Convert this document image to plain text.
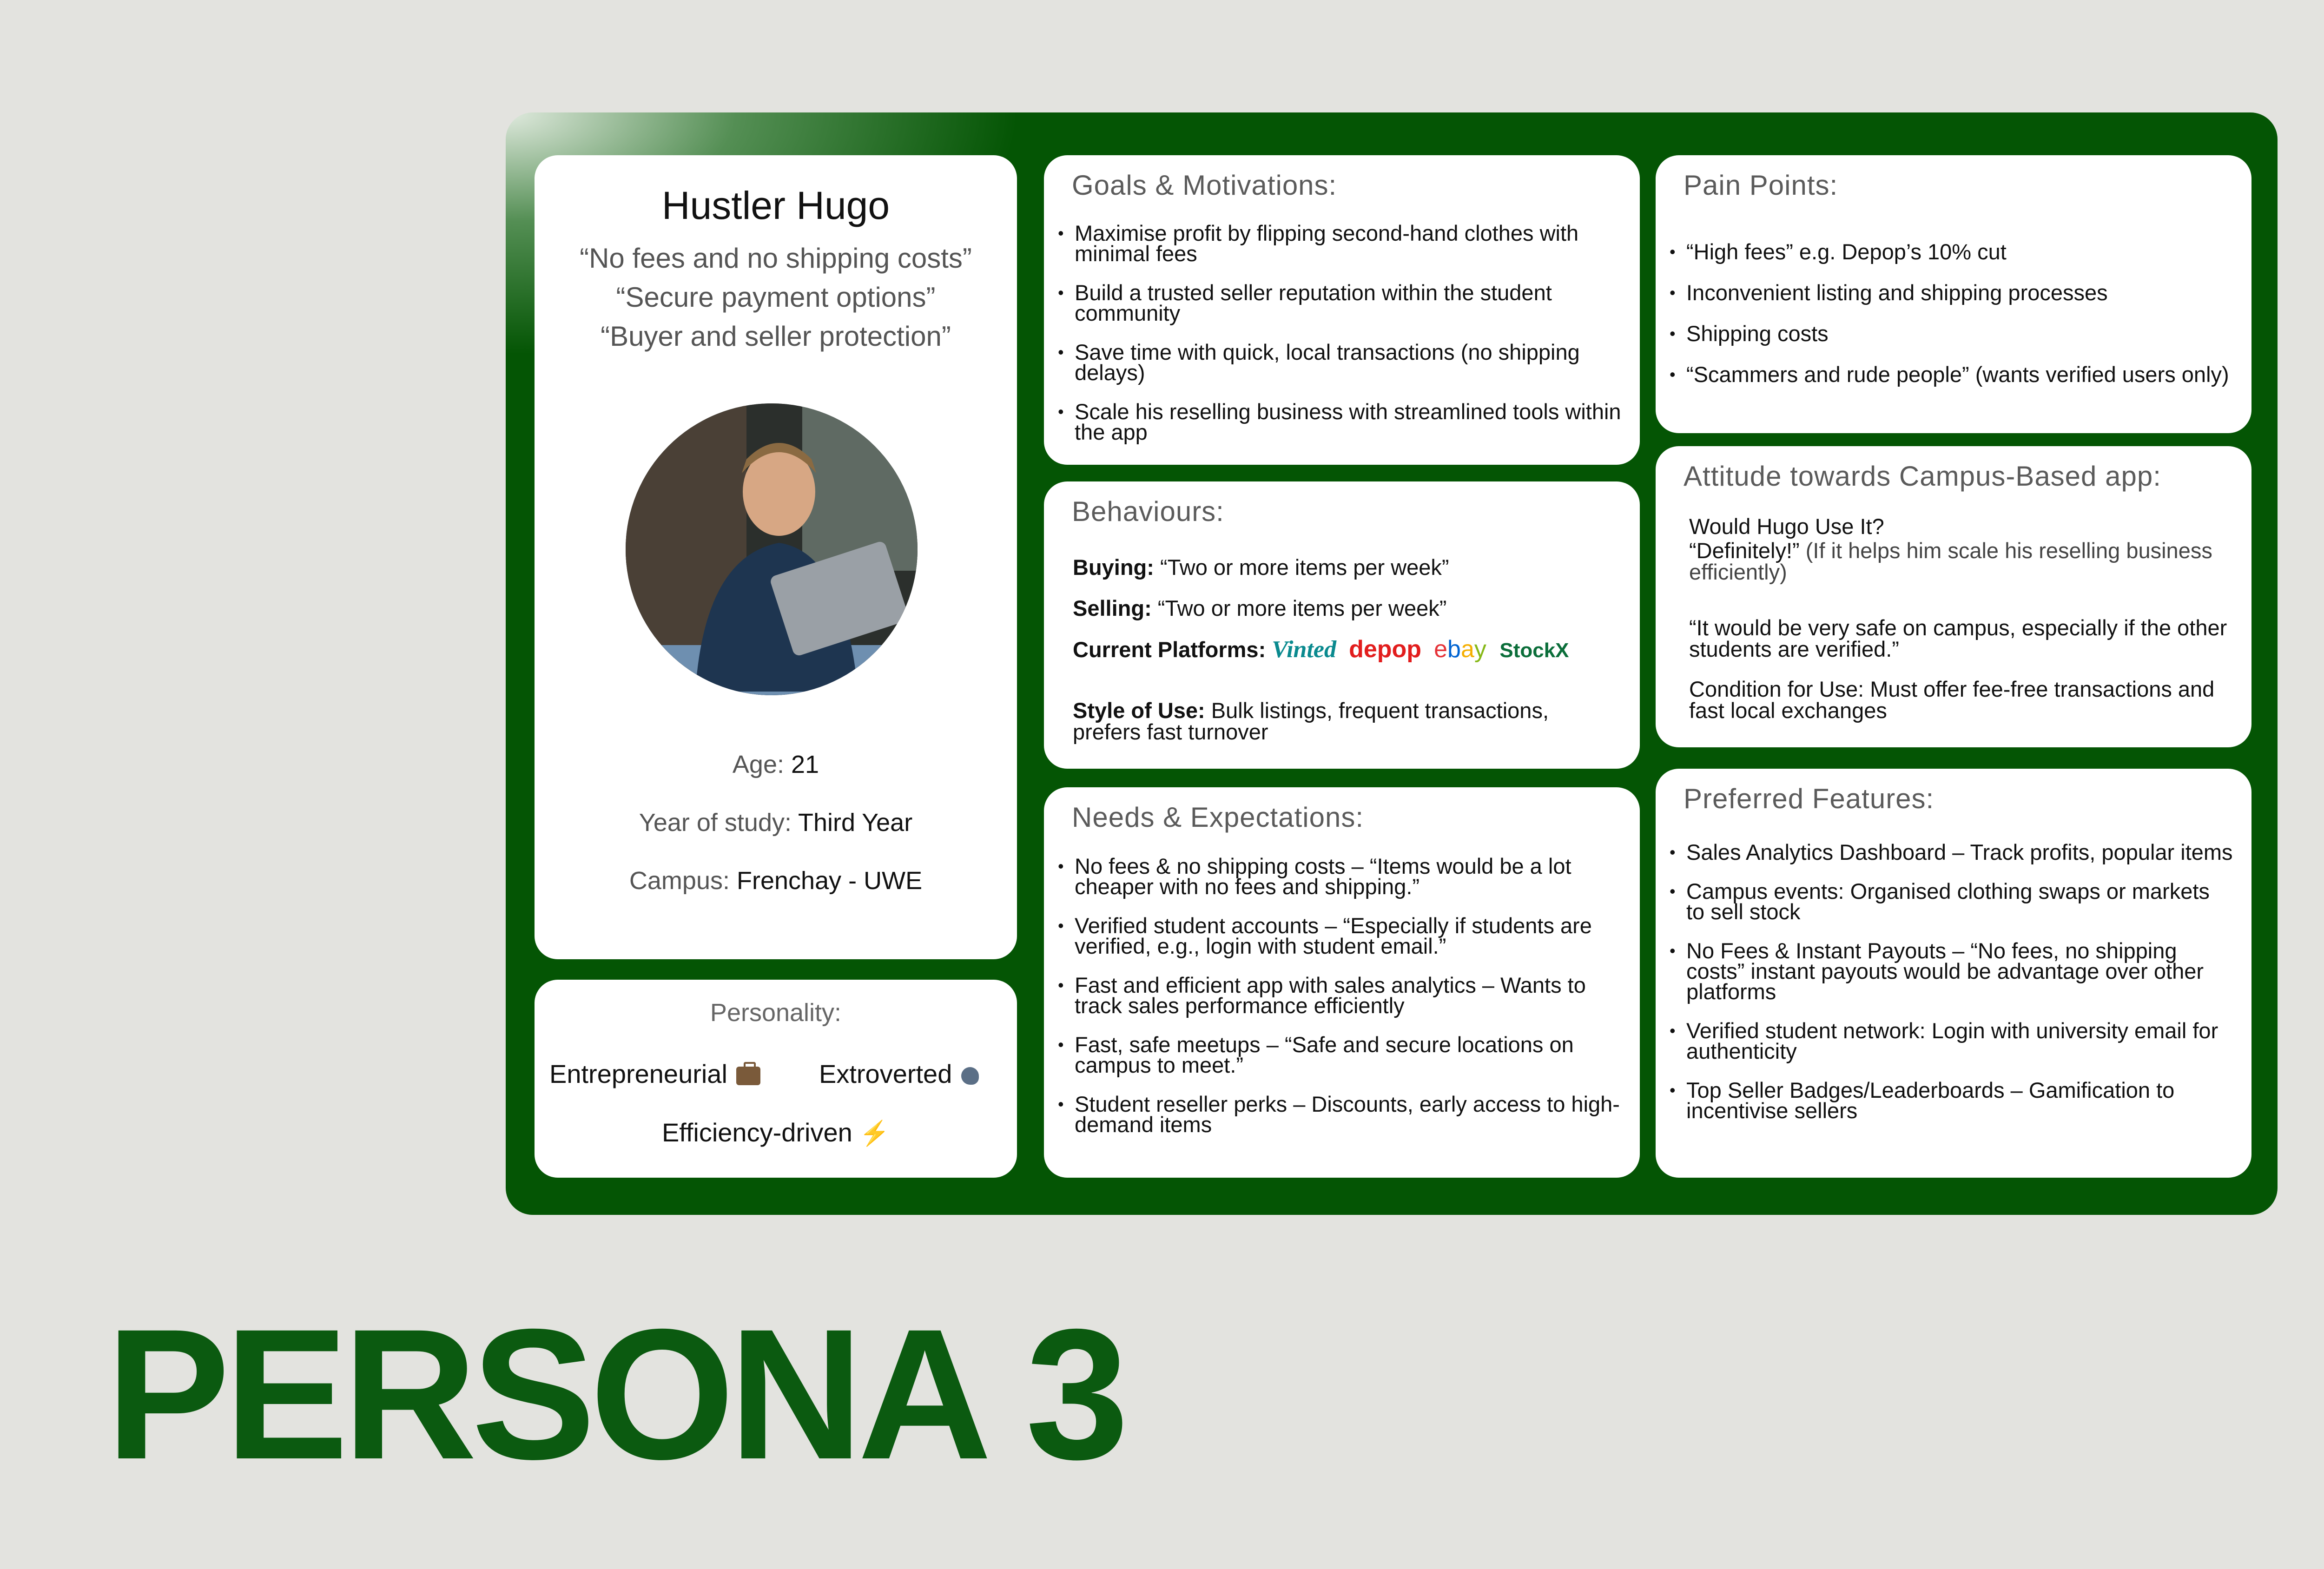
Hustler Hugo
“No fees and no shipping costs”
“Secure payment options”
“Buyer and seller protection”
Age: 21
Year of study: Third Year
Campus: Frenchay - UWE
Personality:
Entrepreneurial	Extroverted
Efficiency-driven ⚡
Goals & Motivations:
• Maximise profit by flipping second-hand clothes with minimal fees
• Build a trusted seller reputation within the student community
• Save time with quick, local transactions (no shipping delays)
• Scale his reselling business with streamlined tools within the app
Behaviours:
Buying: “Two or more items per week”
Selling: “Two or more items per week”
Current Platforms: Vinted depop ebay StockX
Style of Use: Bulk listings, frequent transactions, prefers fast turnover
Needs & Expectations:
• No fees & no shipping costs – “Items would be a lot cheaper with no fees and shipping.”
• Verified student accounts – “Especially if students are verified, e.g., login with student email.”
• Fast and efficient app with sales analytics – Wants to track sales performance efficiently
• Fast, safe meetups – “Safe and secure locations on campus to meet.”
• Student reseller perks – Discounts, early access to high-demand items
Pain Points:
• “High fees” e.g. Depop’s 10% cut
• Inconvenient listing and shipping processes
• Shipping costs
• “Scammers and rude people” (wants verified users only)
Attitude towards Campus-Based app:
Would Hugo Use It?
“Definitely!” (If it helps him scale his reselling business efficiently)
“It would be very safe on campus, especially if the other students are verified.”
Condition for Use: Must offer fee-free transactions and fast local exchanges
Preferred Features:
• Sales Analytics Dashboard – Track profits, popular items
• Campus events: Organised clothing swaps or markets to sell stock
• No Fees & Instant Payouts – “No fees, no shipping costs” instant payouts would be advantage over other platforms
• Verified student network: Login with university email for authenticity
• Top Seller Badges/Leaderboards – Gamification to incentivise sellers
PERSONA 3
